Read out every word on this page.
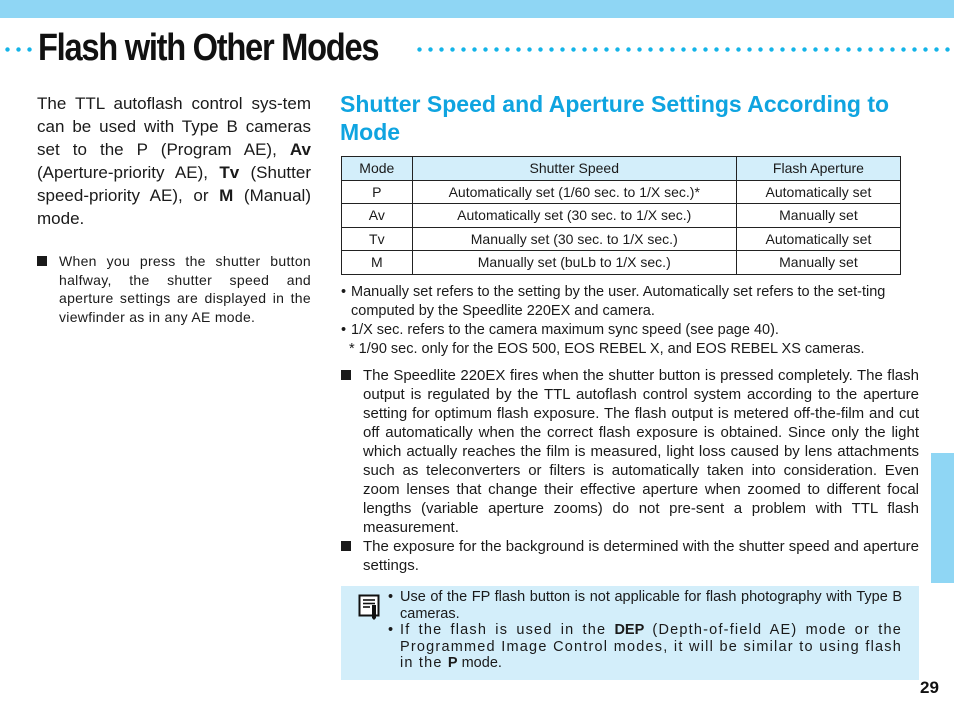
Flash with Other Modes

The TTL autoflash control sys-tem can be used with Type B cameras set to the P (Program AE), Av (Aperture-priority AE), Tv (Shutter speed-priority AE), or M (Manual) mode.

When you press the shutter button halfway, the shutter speed and aperture settings are displayed in the viewfinder as in any AE mode.
Shutter Speed and Aperture Settings According to Mode
Mode	Shutter Speed	Flash Aperture
P	Automatically set (1/60 sec. to 1/X sec.)*	Automatically set
Av	Automatically set (30 sec. to 1/X sec.)	Manually set
Tv	Manually set (30 sec. to 1/X sec.)	Automatically set
M	Manually set (buLb to 1/X sec.)	Manually set
• Manually set refers to the setting by the user. Automatically set refers to the set-ting computed by the Speedlite 220EX and camera.
• 1/X sec. refers to the camera maximum sync speed (see page 40).
* 1/90 sec. only for the EOS 500, EOS REBEL X, and EOS REBEL XS cameras.
The Speedlite 220EX fires when the shutter button is pressed completely. The flash output is regulated by the TTL autoflash control system according to the aperture setting for optimum flash exposure. The flash output is metered off-the-film and cut off automatically when the correct flash exposure is obtained. Since only the light which actually reaches the film is measured, light loss caused by lens attachments such as teleconverters or filters is automatically taken into consideration. Even zoom lenses that change their effective aperture when zoomed to different focal lengths (variable aperture zooms) do not pre-sent a problem with TTL flash measurement.
The exposure for the background is determined with the shutter speed and aperture settings.
• Use of the FP flash button is not applicable for flash photography with Type B cameras.
• If the flash is used in the DEP (Depth-of-field AE) mode or the Programmed Image Control modes, it will be similar to using flash in the P mode.
29
